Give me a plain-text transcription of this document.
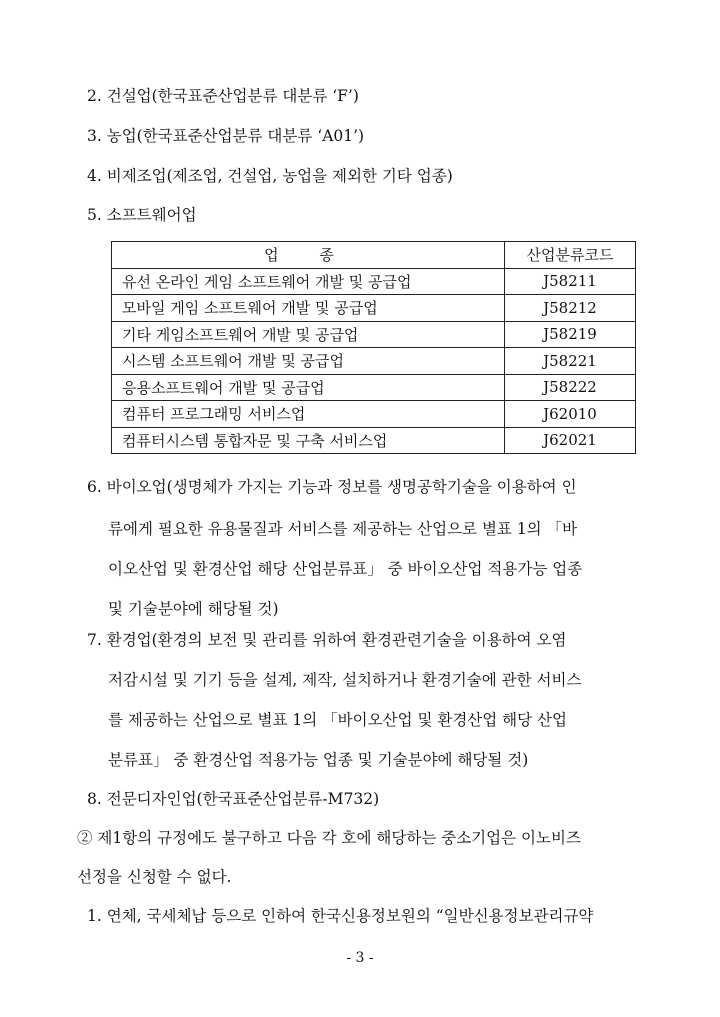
2. 건설업(한국표준산업분류 대분류 ‘F’)
3. 농업(한국표준산업분류 대분류 ‘A01’)
4. 비제조업(제조업, 건설업, 농업을 제외한 기타 업종)
5. 소프트웨어업
업 종	산업분류코드
유선 온라인 게임 소프트웨어 개발 및 공급업	J58211
모바일 게임 소프트웨어 개발 및 공급업	J58212
기타 게임소프트웨어 개발 및 공급업	J58219
시스템 소프트웨어 개발 및 공급업	J58221
응용소프트웨어 개발 및 공급업	J58222
컴퓨터 프로그래밍 서비스업	J62010
컴퓨터시스템 통합자문 및 구축 서비스업	J62021
6. 바이오업(생명체가 가지는 기능과 정보를 생명공학기술을 이용하여 인
류에게 필요한 유용물질과 서비스를 제공하는 산업으로 별표 1의 「바
이오산업 및 환경산업 해당 산업분류표」 중 바이오산업 적용가능 업종
및 기술분야에 해당될 것)
7. 환경업(환경의 보전 및 관리를 위하여 환경관련기술을 이용하여 오염
저감시설 및 기기 등을 설계, 제작, 설치하거나 환경기술에 관한 서비스
를 제공하는 산업으로 별표 1의 「바이오산업 및 환경산업 해당 산업
분류표」 중 환경산업 적용가능 업종 및 기술분야에 해당될 것)
8. 전문디자인업(한국표준산업분류-M732)
② 제1항의 규정에도 불구하고 다음 각 호에 해당하는 중소기업은 이노비즈
선정을 신청할 수 없다.
1. 연체, 국세체납 등으로 인하여 한국신용정보원의 “일반신용정보관리규약
- 3 -
